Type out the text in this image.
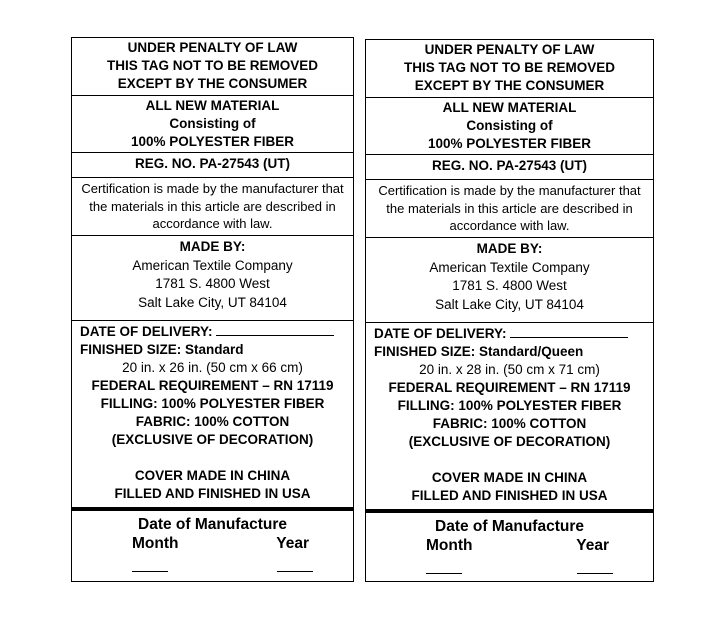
UNDER PENALTY OF LAW
THIS TAG NOT TO BE REMOVED
EXCEPT BY THE CONSUMER
ALL NEW MATERIAL
Consisting of
100% POLYESTER FIBER
REG. NO. PA-27543 (UT)
Certification is made by the manufacturer that
the materials in this article are described in
accordance with law.
MADE BY:
American Textile Company
1781 S. 4800 West
Salt Lake City, UT 84104
DATE OF DELIVERY:
FINISHED SIZE: Standard
20 in. x 26 in. (50 cm x 66 cm)
FEDERAL REQUIREMENT – RN 17119
FILLING: 100% POLYESTER FIBER
FABRIC: 100% COTTON
(EXCLUSIVE OF DECORATION)
COVER MADE IN CHINA
FILLED AND FINISHED IN USA
Date of Manufacture
Month	Year
UNDER PENALTY OF LAW
THIS TAG NOT TO BE REMOVED
EXCEPT BY THE CONSUMER
ALL NEW MATERIAL
Consisting of
100% POLYESTER FIBER
REG. NO. PA-27543 (UT)
Certification is made by the manufacturer that
the materials in this article are described in
accordance with law.
MADE BY:
American Textile Company
1781 S. 4800 West
Salt Lake City, UT 84104
DATE OF DELIVERY:
FINISHED SIZE: Standard/Queen
20 in. x 28 in. (50 cm x 71 cm)
FEDERAL REQUIREMENT – RN 17119
FILLING: 100% POLYESTER FIBER
FABRIC: 100% COTTON
(EXCLUSIVE OF DECORATION)
COVER MADE IN CHINA
FILLED AND FINISHED IN USA
Date of Manufacture
Month	Year
